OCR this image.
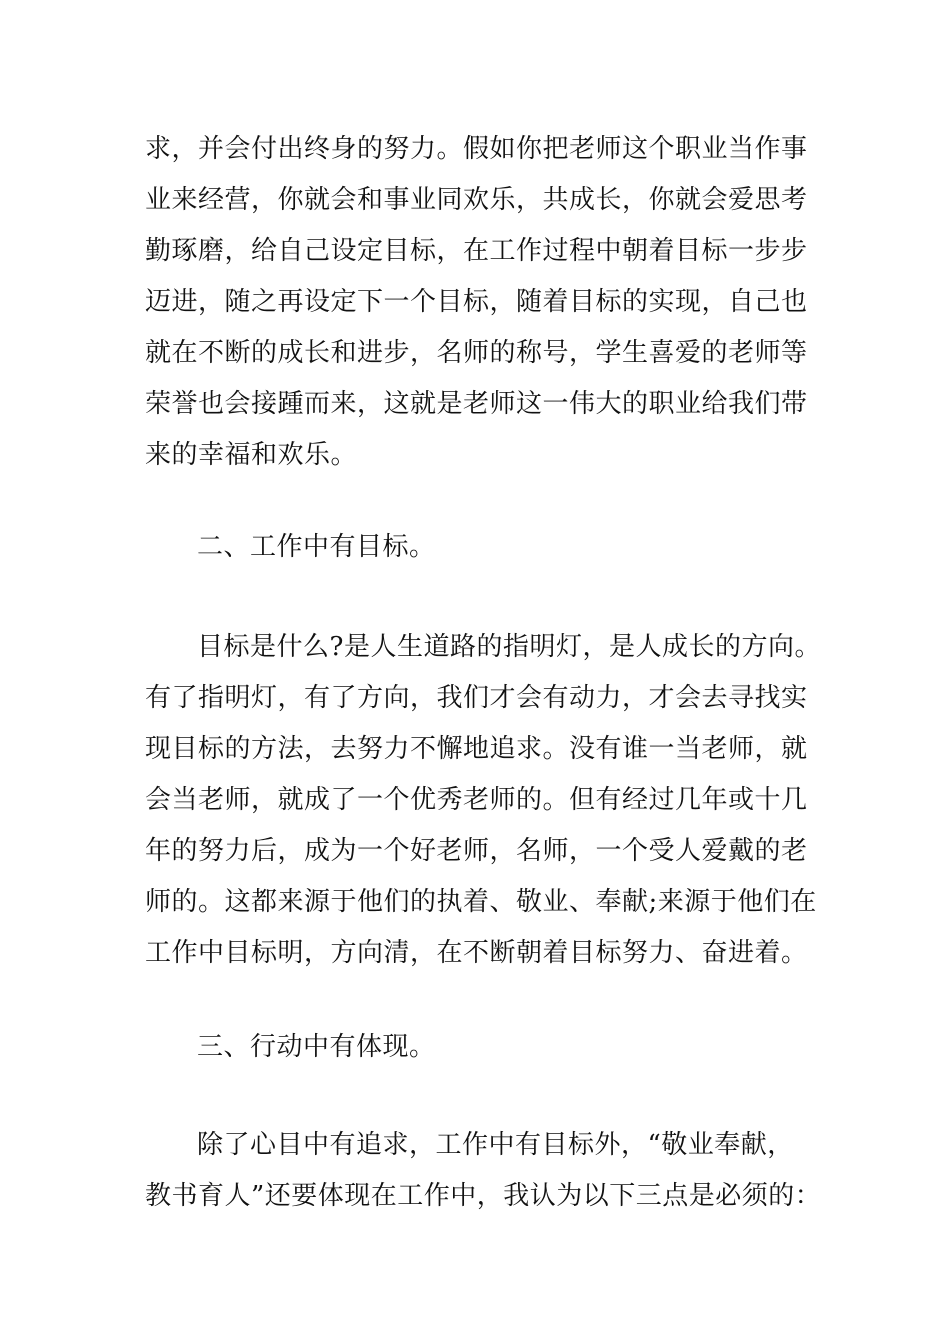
求，并会付出终身的努力。假如你把老师这个职业当作事
业来经营，你就会和事业同欢乐，共成长，你就会爱思考
勤琢磨，给自己设定目标，在工作过程中朝着目标一步步
迈进，随之再设定下一个目标，随着目标的实现，自己也
就在不断的成长和进步，名师的称号，学生喜爱的老师等
荣誉也会接踵而来，这就是老师这一伟大的职业给我们带
来的幸福和欢乐。

二、工作中有目标。

目标是什么?是人生道路的指明灯，是人成长的方向。
有了指明灯，有了方向，我们才会有动力，才会去寻找实
现目标的方法，去努力不懈地追求。没有谁一当老师，就
会当老师，就成了一个优秀老师的。但有经过几年或十几
年的努力后，成为一个好老师，名师，一个受人爱戴的老
师的。这都来源于他们的执着、敬业、奉献;来源于他们在
工作中目标明，方向清，在不断朝着目标努力、奋进着。

三、行动中有体现。

除了心目中有追求，工作中有目标外，“敬业奉献，
教书育人”还要体现在工作中，我认为以下三点是必须的：
